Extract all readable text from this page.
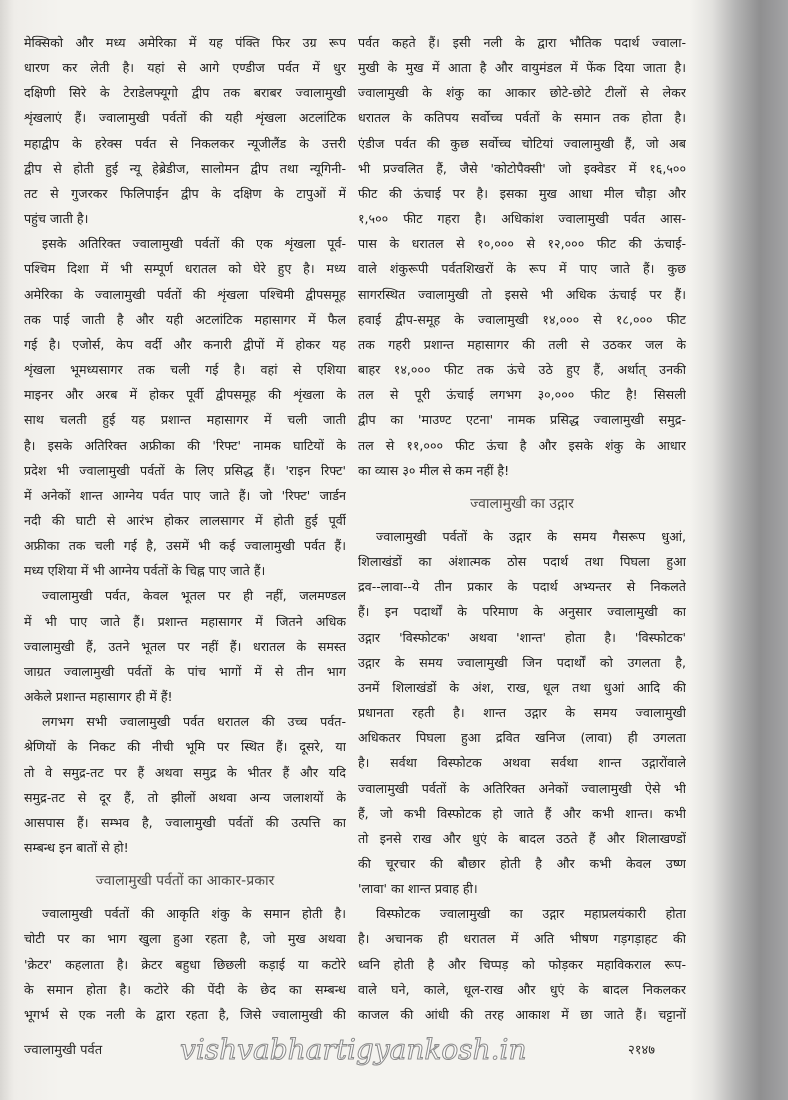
मेक्सिको और मध्य अमेरिका में यह पंक्ति फिर उग्र रूप
धारण कर लेती है। यहां से आगे एण्डीज पर्वत में धुर
दक्षिणी सिरे के टेराडेलफ्यूगो द्वीप तक बराबर ज्वालामुखी
शृंखलाएं हैं। ज्वालामुखी पर्वतों की यही शृंखला अटलांटिक
महाद्वीप के हरेक्स पर्वत से निकलकर न्यूजीलैंड के उत्तरी
द्वीप से होती हुई न्यू हेब्रेडीज, सालोमन द्वीप तथा न्यूगिनी-
तट से गुजरकर फिलिपाईन द्वीप के दक्षिण के टापुओं में
पहुंच जाती है।
इसके अतिरिक्त ज्वालामुखी पर्वतों की एक शृंखला पूर्व-
पश्चिम दिशा में भी सम्पूर्ण धरातल को घेरे हुए है। मध्य
अमेरिका के ज्वालामुखी पर्वतों की शृंखला पश्चिमी द्वीपसमूह
तक पाई जाती है और यही अटलांटिक महासागर में फैल
गई है। एजोर्स, केप वर्दी और कनारी द्वीपों में होकर यह
शृंखला भूमध्यसागर तक चली गई है। वहां से एशिया
माइनर और अरब में होकर पूर्वी द्वीपसमूह की शृंखला के
साथ चलती हुई यह प्रशान्त महासागर में चली जाती
है। इसके अतिरिक्त अफ्रीका की 'रिफ्ट' नामक घाटियों के
प्रदेश भी ज्वालामुखी पर्वतों के लिए प्रसिद्ध हैं। 'राइन रिफ्ट'
में अनेकों शान्त आग्नेय पर्वत पाए जाते हैं। जो 'रिफ्ट' जार्डन
नदी की घाटी से आरंभ होकर लालसागर में होती हुई पूर्वी
अफ्रीका तक चली गई है, उसमें भी कई ज्वालामुखी पर्वत हैं।
मध्य एशिया में भी आग्नेय पर्वतों के चिह्न पाए जाते हैं।
ज्वालामुखी पर्वत, केवल भूतल पर ही नहीं, जलमण्डल
में भी पाए जाते हैं। प्रशान्त महासागर में जितने अधिक
ज्वालामुखी हैं, उतने भूतल पर नहीं हैं। धरातल के समस्त
जाग्रत ज्वालामुखी पर्वतों के पांच भागों में से तीन भाग
अकेले प्रशान्त महासागर ही में हैं!
लगभग सभी ज्वालामुखी पर्वत धरातल की उच्च पर्वत-
श्रेणियों के निकट की नीची भूमि पर स्थित हैं। दूसरे, या
तो वे समुद्र-तट पर हैं अथवा समुद्र के भीतर हैं और यदि
समुद्र-तट से दूर हैं, तो झीलों अथवा अन्य जलाशयों के
आसपास हैं। सम्भव है, ज्वालामुखी पर्वतों की उत्पत्ति का
सम्बन्ध इन बातों से हो!
ज्वालामुखी पर्वतों का आकार-प्रकार
ज्वालामुखी पर्वतों की आकृति शंकु के समान होती है।
चोटी पर का भाग खुला हुआ रहता है, जो मुख अथवा
'क्रेटर' कहलाता है। क्रेटर बहुधा छिछली कड़ाई या कटोरे
के समान होता है। कटोरे की पेंदी के छेद का सम्बन्ध
भूगर्भ से एक नली के द्वारा रहता है, जिसे ज्वालामुखी की
पर्वत कहते हैं। इसी नली के द्वारा भौतिक पदार्थ ज्वाला-
मुखी के मुख में आता है और वायुमंडल में फेंक दिया जाता है।
ज्वालामुखी के शंकु का आकार छोटे-छोटे टीलों से लेकर
धरातल के कतिपय सर्वोच्च पर्वतों के समान तक होता है।
एंडीज पर्वत की कुछ सर्वोच्च चोटियां ज्वालामुखी हैं, जो अब
भी प्रज्वलित हैं, जैसे 'कोटोपैक्सी' जो इक्वेडर में १६,५००
फीट की ऊंचाई पर है। इसका मुख आधा मील चौड़ा और
१,५०० फीट गहरा है। अधिकांश ज्वालामुखी पर्वत आस-
पास के धरातल से १०,००० से १२,००० फीट की ऊंचाई-
वाले शंकुरूपी पर्वतशिखरों के रूप में पाए जाते हैं। कुछ
सागरस्थित ज्वालामुखी तो इससे भी अधिक ऊंचाई पर हैं।
हवाई द्वीप-समूह के ज्वालामुखी १४,००० से १८,००० फीट
तक गहरी प्रशान्त महासागर की तली से उठकर जल के
बाहर १४,००० फीट तक ऊंचे उठे हुए हैं, अर्थात् उनकी
तल से पूरी ऊंचाई लगभग ३०,००० फीट है! सिसली
द्वीप का 'माउण्ट एटना' नामक प्रसिद्ध ज्वालामुखी समुद्र-
तल से ११,००० फीट ऊंचा है और इसके शंकु के आधार
का व्यास ३० मील से कम नहीं है!
ज्वालामुखी का उद्गार
ज्वालामुखी पर्वतों के उद्गार के समय गैसरूप धुआं,
शिलाखंडों का अंशात्मक ठोस पदार्थ तथा पिघला हुआ
द्रव--लावा--ये तीन प्रकार के पदार्थ अभ्यन्तर से निकलते
हैं। इन पदार्थों के परिमाण के अनुसार ज्वालामुखी का
उद्गार 'विस्फोटक' अथवा 'शान्त' होता है। 'विस्फोटक'
उद्गार के समय ज्वालामुखी जिन पदार्थों को उगलता है,
उनमें शिलाखंडों के अंश, राख, धूल तथा धुआं आदि की
प्रधानता रहती है। शान्त उद्गार के समय ज्वालामुखी
अधिकतर पिघला हुआ द्रवित खनिज (लावा) ही उगलता
है। सर्वथा विस्फोटक अथवा सर्वथा शान्त उद्गारोंवाले
ज्वालामुखी पर्वतों के अतिरिक्त अनेकों ज्वालामुखी ऐसे भी
हैं, जो कभी विस्फोटक हो जाते हैं और कभी शान्त। कभी
तो इनसे राख और धुएं के बादल उठते हैं और शिलाखण्डों
की चूरचार की बौछार होती है और कभी केवल उष्ण
'लावा' का शान्त प्रवाह ही।
विस्फोटक ज्वालामुखी का उद्गार महाप्रलयंकारी होता
है। अचानक ही धरातल में अति भीषण गड़गड़ाहट की
ध्वनि होती है और चिप्पड़ को फोड़कर महाविकराल रूप-
वाले घने, काले, धूल-राख और धुएं के बादल निकलकर
काजल की आंधी की तरह आकाश में छा जाते हैं। चट्टानों
ज्वालामुखी पर्वत	vishvabhartigyankosh.in	२१४७
